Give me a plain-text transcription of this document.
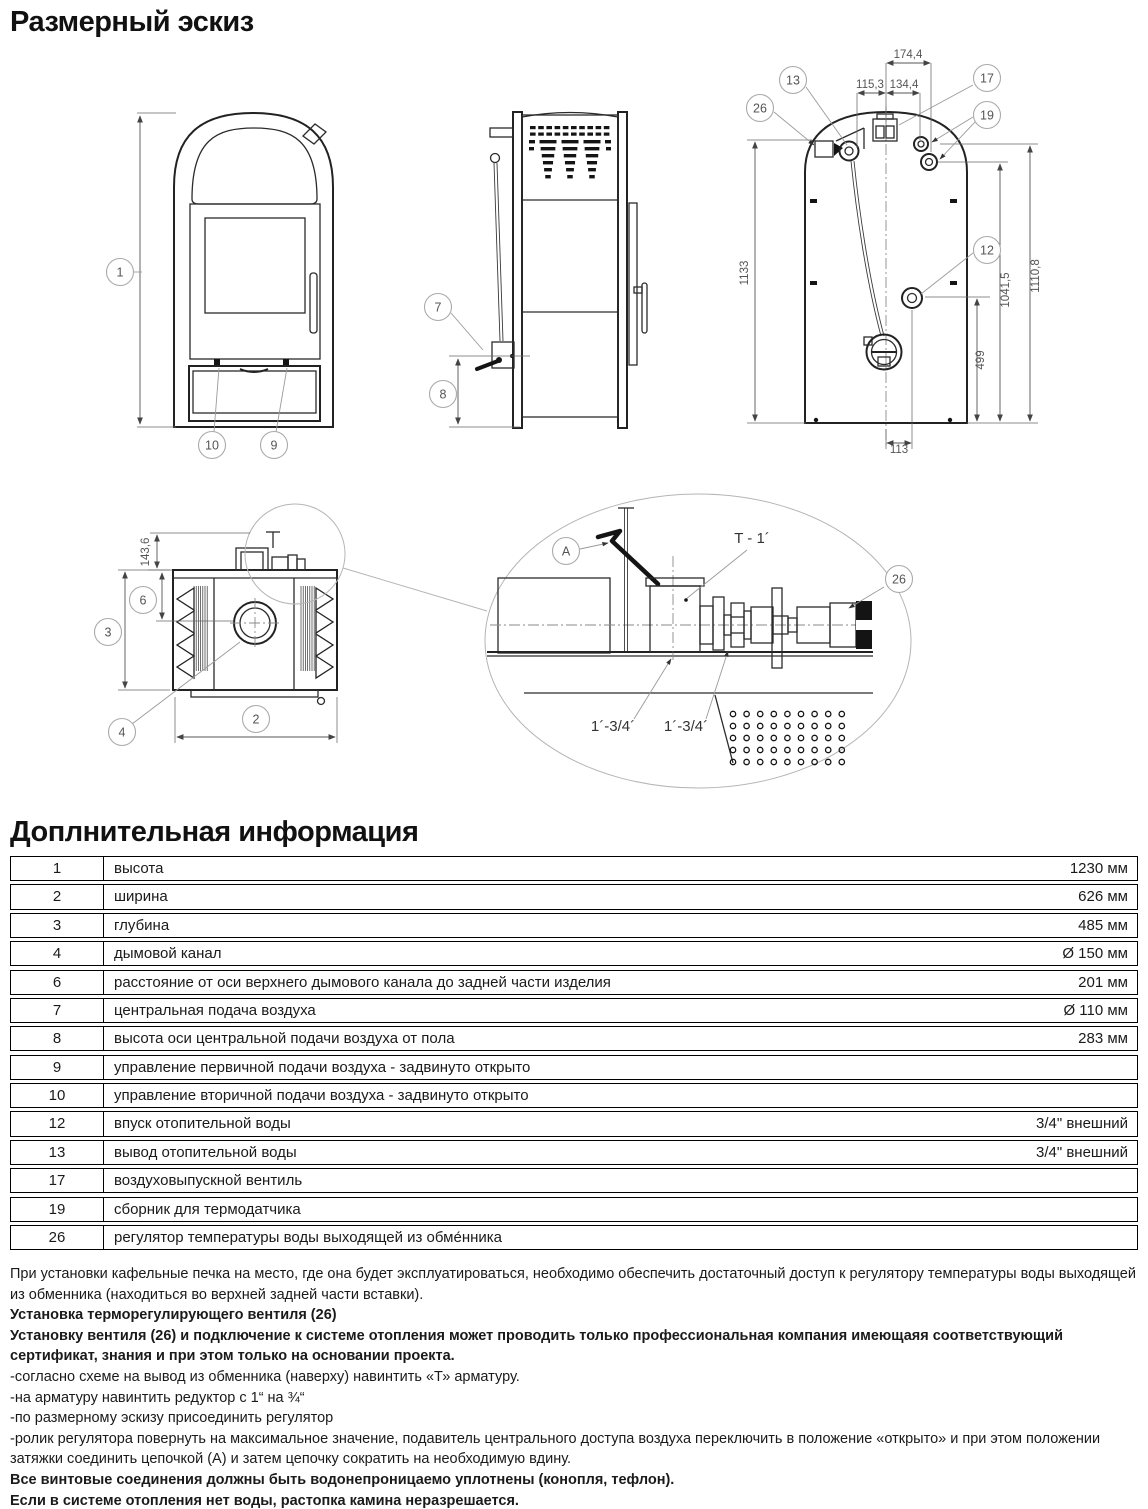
Размерный эскиз
1
10	9
7
8
13
26
17
19
12
6
3
4
2
A
26
174,4
115,3 134,4
1133	1041,5 1110,8
499
113
143,6	T - 1´
1´-3/4´ 1´-3/4´
Доплнительная информация
1	высота	1230 мм
2	ширина	626 мм
3	глубина	485 мм
4	дымовой канал	Ø 150 мм
6	расстояние от оси верхнего дымового канала до задней части изделия	201 мм
7	центральная подача воздуха	Ø 110 мм
8	высота оси центральной подачи воздуха от пола	283 мм
9	управление первичной подачи воздуха - задвинуто открыто
10	управление вторичной подачи воздуха - задвинуто открыто
12	впуск отопительной воды	3/4" внешний
13	вывод отопительной воды	3/4" внешний
17	воздуховыпускной вентиль
19	сборник для термодатчика
26	регулятор температуры воды выходящей из обме́нника

При установки кафельные печка на место, где она будет эксплуатироваться, необходимо обеспечить достаточный доступ к регулятору температуры воды выходящей из обменника (находиться во верхней задней части вставки).

Установка терморегулирующего вентиля (26)

Установку вентиля (26) и подключение к системе отопления может проводить только профессиональная компания имеющаяя соответствующий сертификат, знания и при этом только на основании проекта.

-согласно схеме на вывод из обменника (наверху) навинтить «Т» арматуру.

-на арматуру навинтить редуктор с 1“ на ¾“

-по размерному эскизу присоединить регулятор

-ролик регулятора повернуть на максимальное значение, подавитель центрального доступа воздуха переключить в положение «открыто» и при этом положении затяжки соединить цепочкой (А) и затем цепочку сократить на необходимую вдину.

Все винтовые соединения должны быть водонепроницаемо уплотнены (конопля, тефлон).

Если в системе отопления нет воды, растопка камина неразрешается.
